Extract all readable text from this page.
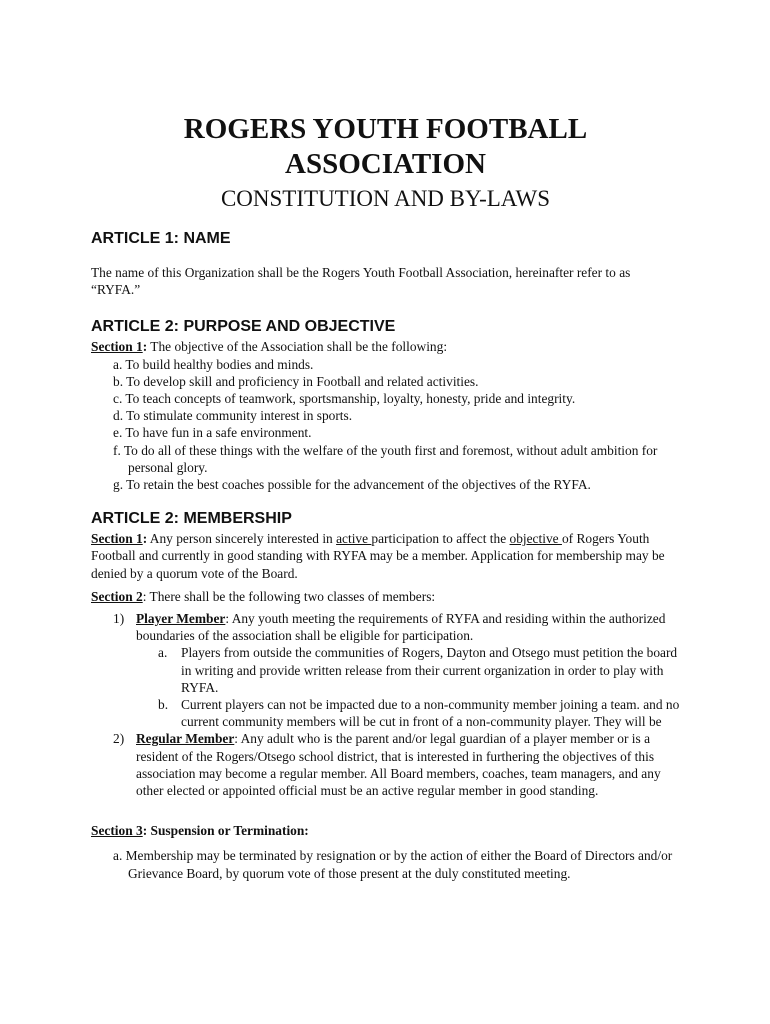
ROGERS YOUTH FOOTBALL
ASSOCIATION
CONSTITUTION AND BY-LAWS
ARTICLE 1: NAME

The name of this Organization shall be the Rogers Youth Football Association, hereinafter refer to as “RYFA.”

ARTICLE 2: PURPOSE AND OBJECTIVE

Section 1: The objective of the Association shall be the following:

a. To build healthy bodies and minds.
b. To develop skill and proficiency in Football and related activities.
c. To teach concepts of teamwork, sportsmanship, loyalty, honesty, pride and integrity.
d. To stimulate community interest in sports.
e. To have fun in a safe environment.
f. To do all of these things with the welfare of the youth first and foremost, without adult ambition for personal glory.
g. To retain the best coaches possible for the advancement of the objectives of the RYFA.
ARTICLE 2: MEMBERSHIP

Section 1: Any person sincerely interested in active participation to affect the objective of Rogers Youth Football and currently in good standing with RYFA may be a member. Application for membership may be denied by a quorum vote of the Board.

Section 2: There shall be the following two classes of members:

1) Player Member: Any youth meeting the requirements of RYFA and residing within the authorized boundaries of the association shall be eligible for participation.
a. Players from outside the communities of Rogers, Dayton and Otsego must petition the board in writing and provide written release from their current organization in order to play with RYFA.
b. Current players can not be impacted due to a non-community member joining a team. and no current community members will be cut in front of a non-community player. They will be
2) Regular Member: Any adult who is the parent and/or legal guardian of a player member or is a resident of the Rogers/Otsego school district, that is interested in furthering the objectives of this association may become a regular member. All Board members, coaches, team managers, and any other elected or appointed official must be an active regular member in good standing.

Section 3: Suspension or Termination:

a. Membership may be terminated by resignation or by the action of either the Board of Directors and/or Grievance Board, by quorum vote of those present at the duly constituted meeting.
